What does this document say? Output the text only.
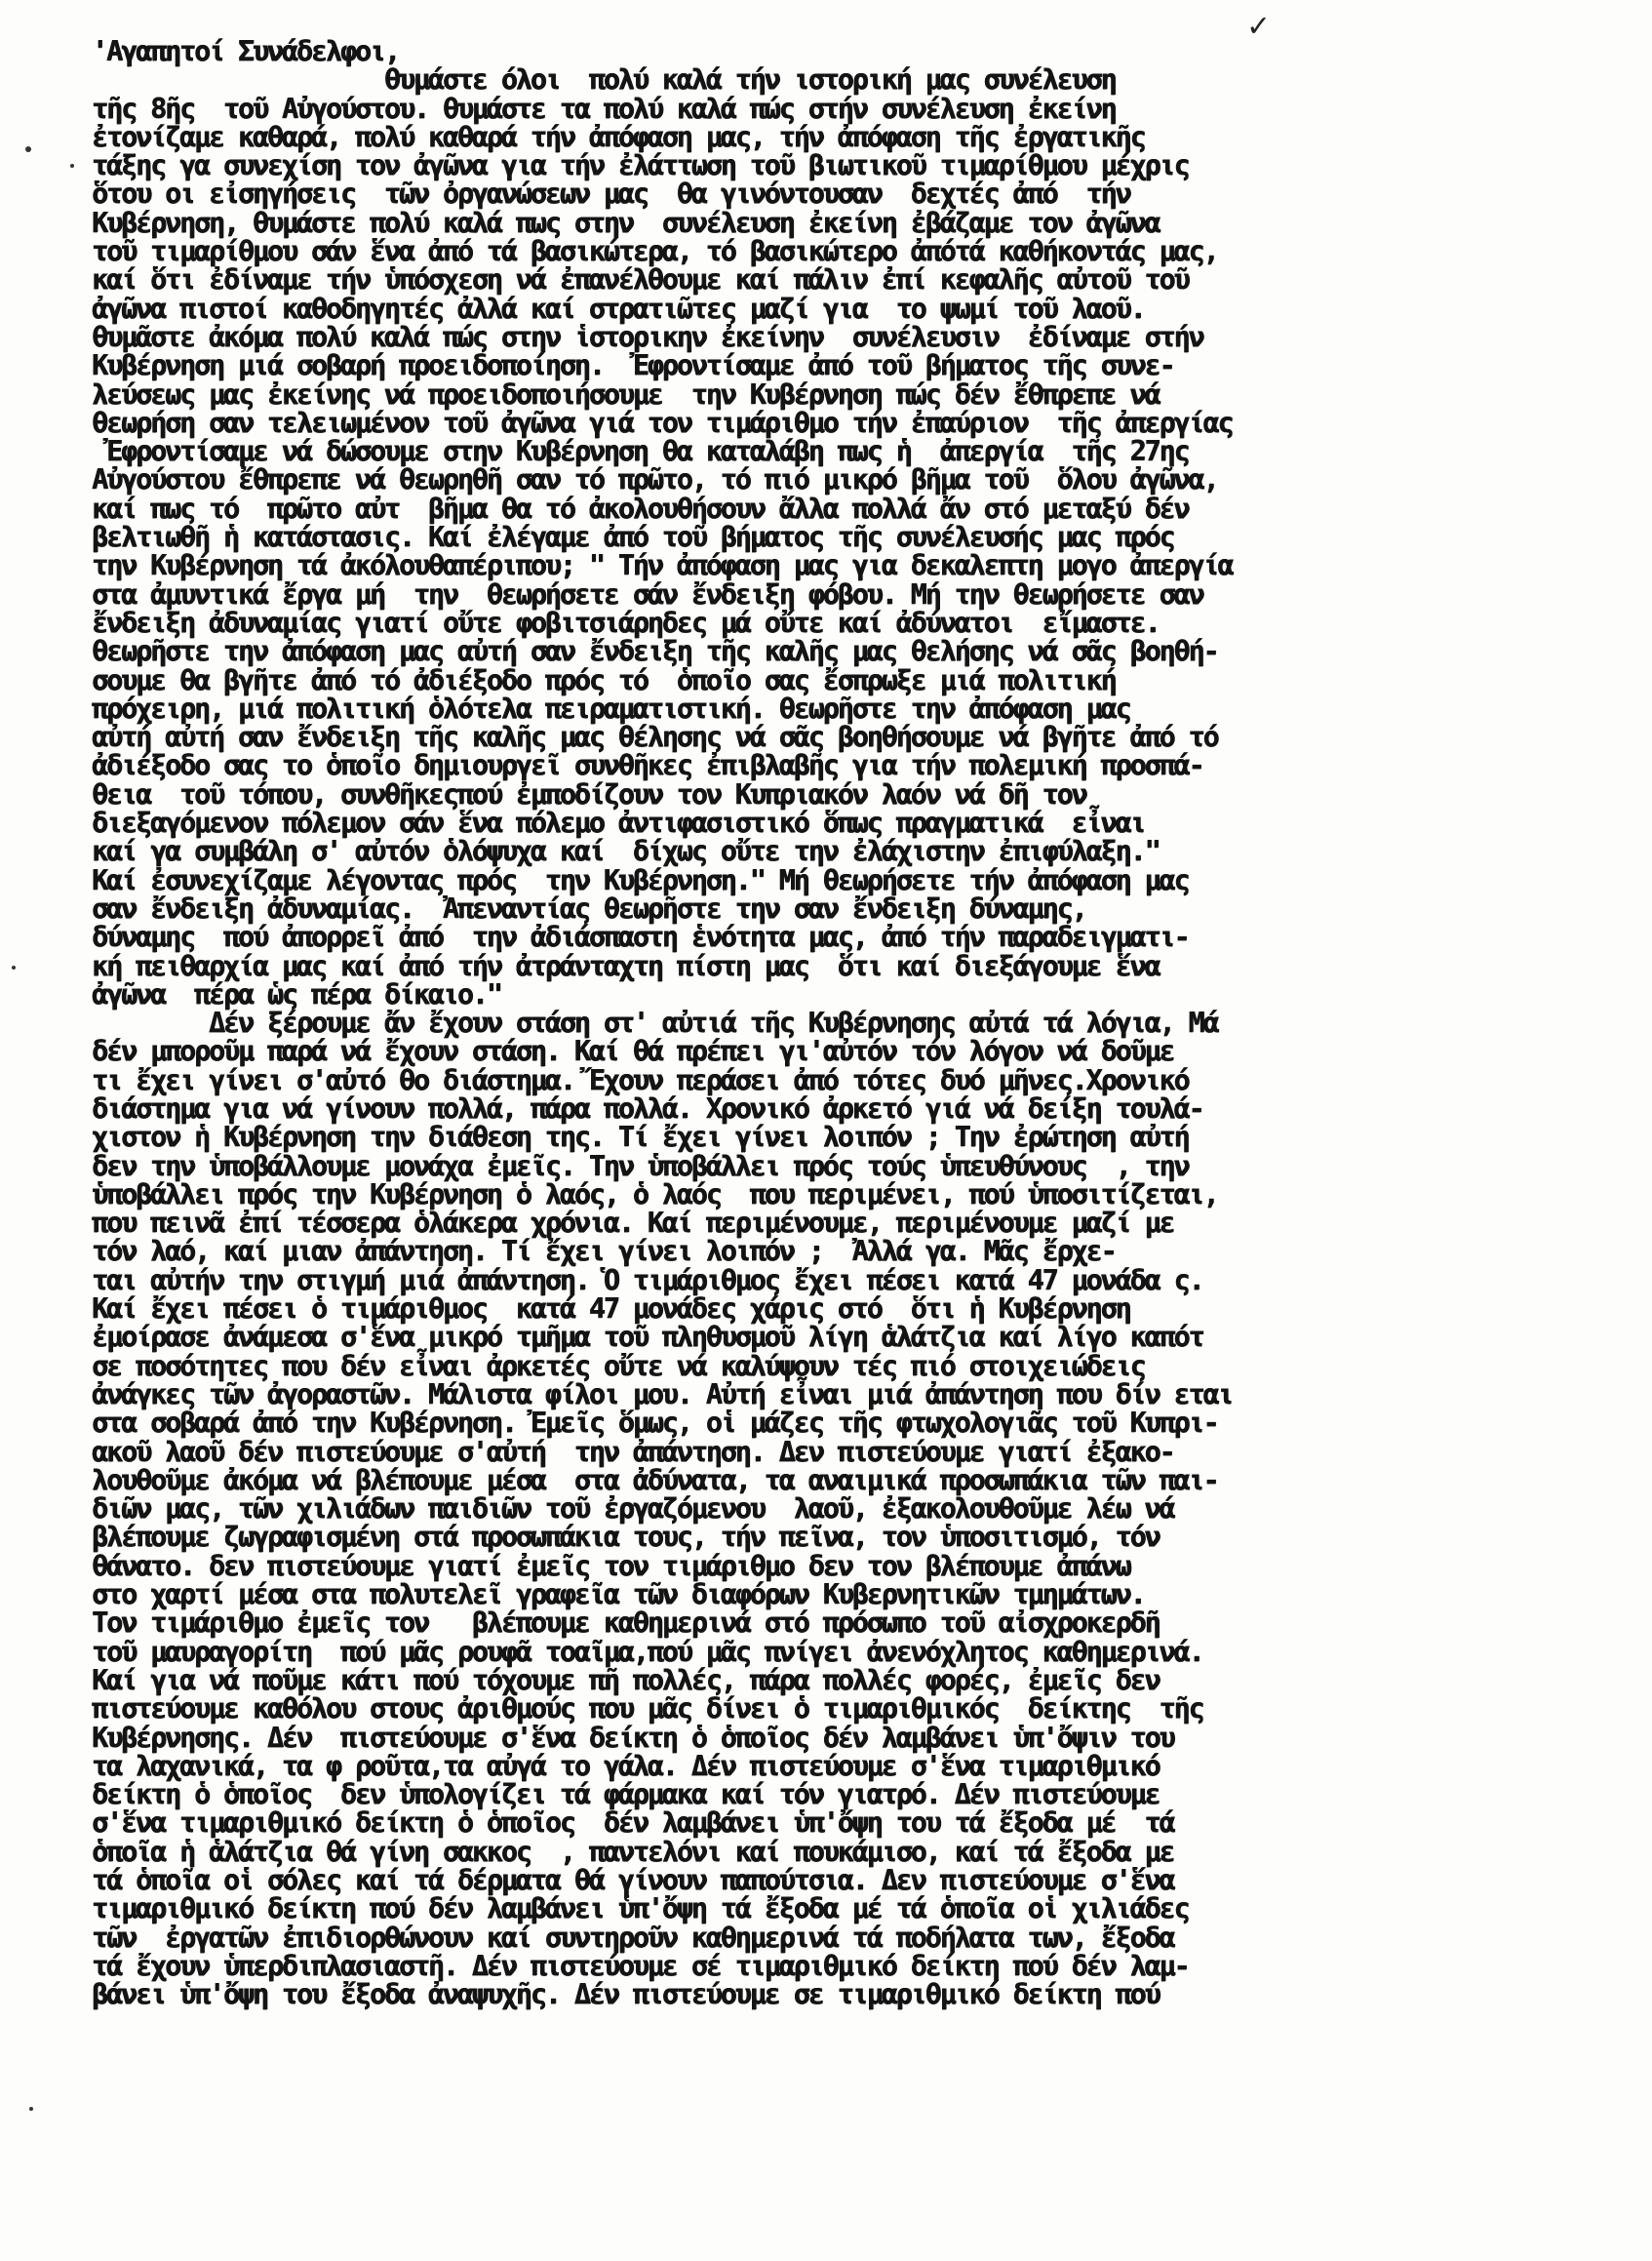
✓
'Αγαπητοί Συνάδελφοι,
θυμάστε όλοι  πολύ καλά τήν ιστορική μας συνέλευση
τῆς 8ῆς  τοῦ Αὐγούστου. θυμάστε τα πολύ καλά πώς στήν συνέλευση ἐκείνη
ἐτονίζαμε καθαρά, πολύ καθαρά τήν ἀπόφαση μας, τήν ἀπόφαση τῆς ἐργατικῆς
τάξης γα συνεχίση τον ἀγῶνα για τήν ἐλάττωση τοῦ βιωτικοῦ τιμαρίθμου μέχρις
ὅτου οι εἰσηγήσεις  τῶν ὀργανώσεων μας  θα γινόντουσαν  δεχτές ἀπό  τήν
Κυβέρνηση, θυμάστε πολύ καλά πως στην  συνέλευση ἐκείνη ἐβάζαμε τον ἀγῶνα
τοῦ τιμαρίθμου σάν ἕνα ἀπό τά βασικώτερα, τό βασικώτερο ἀπότά καθήκοντάς μας,
καί ὅτι ἐδίναμε τήν ὑπόσχεση νά ἐπανέλθουμε καί πάλιν ἐπί κεφαλῆς αὐτοῦ τοῦ
ἀγῶνα πιστοί καθοδηγητές ἀλλά καί στρατιῶτες μαζί για  το ψωμί τοῦ λαοῦ.
θυμᾶστε ἀκόμα πολύ καλά πώς στην ἱστορικην ἐκείνην  συνέλευσιν  ἐδίναμε στήν
Κυβέρνηση μιά σοβαρή προειδοποίηση.  Ἐφροντίσαμε ἀπό τοῦ βήματος τῆς συνε-
λεύσεως μας ἐκείνης νά προειδοποιήσουμε  την Κυβέρνηση πώς δέν ἔθπρεπε νά
θεωρήση σαν τελειωμένον τοῦ ἀγῶνα γιά τον τιμάριθμο τήν ἐπαύριον  τῆς ἀπεργίας
Ἐφροντίσαμε νά δώσουμε στην Κυβέρνηση θα καταλάβη πως ἡ  ἀπεργία  τῆς 27ης
Αὐγούστου ἔθπρεπε νά θεωρηθῆ σαν τό πρῶτο, τό πιό μικρό βῆμα τοῦ  ὅλου ἀγῶνα,
καί πως τό  πρῶτο αὐτ  βῆμα θα τό ἀκολουθήσουν ἄλλα πολλά ἄν στό μεταξύ δέν
βελτιωθῆ ἡ κατάστασις. Καί ἐλέγαμε ἀπό τοῦ βήματος τῆς συνέλευσής μας πρός
την Κυβέρνηση τά ἀκόλουθαπέριπου; " Τήν ἀπόφαση μας για δεκαλεπτη μογο ἀπεργία
στα ἀμυντικά ἔργα μή  την  θεωρήσετε σάν ἔνδειξη φόβου. Μή την θεωρήσετε σαν
ἔνδειξη ἀδυναμίας γιατί οὔτε φοβιτσιάρηδες μά οὔτε καί ἀδύνατοι  εἴμαστε.
θεωρῆστε την ἀπόφαση μας αὐτή σαν ἔνδειξη τῆς καλῆς μας θελήσης νά σᾶς βοηθή-
σουμε θα βγῆτε ἀπό τό ἀδιέξοδο πρός τό  ὁποῖο σας ἔσπρωξε μιά πολιτική
πρόχειρη, μιά πολιτική ὁλότελα πειραματιστική. θεωρῆστε την ἀπόφαση μας
αὐτή αὐτή σαν ἔνδειξη τῆς καλῆς μας θέλησης νά σᾶς βοηθήσουμε νά βγῆτε ἀπό τό
ἀδιέξοδο σας το ὁποῖο δημιουργεῖ συνθῆκες ἐπιβλαβῆς για τήν πολεμική προσπά-
θεια  τοῦ τόπου, συνθῆκεςπού ἐμποδίζουν τον Κυπριακόν λαόν νά δῆ τον
διεξαγόμενον πόλεμον σάν ἕνα πόλεμο ἀντιφασιστικό ὅπως πραγματικά  εἶναι
καί γα συμβάλη σ' αὐτόν ὁλόψυχα καί  δίχως οὔτε την ἐλάχιστην ἐπιφύλαξη."
Καί ἐσυνεχίζαμε λέγοντας πρός  την Κυβέρνηση." Μή θεωρήσετε τήν ἀπόφαση μας
σαν ἔνδειξη ἀδυναμίας.  Ἀπεναντίας θεωρῆστε την σαν ἔνδειξη δύναμης,
δύναμης  πού ἀπορρεῖ ἀπό  την ἀδιάσπαστη ἑνότητα μας, ἀπό τήν παραδειγματι-
κή πειθαρχία μας καί ἀπό τήν ἀτράνταχτη πίστη μας  ὅτι καί διεξάγουμε ἕνα
ἀγῶνα  πέρα ὡς πέρα δίκαιο."
Δέν ξέρουμε ἄν ἔχουν στάση στ' αὐτιά τῆς Κυβέρνησης αὐτά τά λόγια, Μά
δέν μποροῦμ παρά νά ἔχουν στάση. Καί θά πρέπει γι'αὐτόν τόν λόγον νά δοῦμε
τι ἔχει γίνει σ'αὐτό θο διάστημα. Ἔχουν περάσει ἀπό τότες δυό μῆνες.Χρονικό
διάστημα για νά γίνουν πολλά, πάρα πολλά. Χρονικό ἀρκετό γιά νά δείξη τουλά-
χιστον ἡ Κυβέρνηση την διάθεση της. Τί ἔχει γίνει λοιπόν ; Την ἐρώτηση αὐτή
δεν την ὑποβάλλουμε μονάχα ἐμεῖς. Την ὑποβάλλει πρός τούς ὑπευθύνους  , την
ὑποβάλλει πρός την Κυβέρνηση ὁ λαός, ὁ λαός  που περιμένει, πού ὑποσιτίζεται,
που πεινᾶ ἐπί τέσσερα ὁλάκερα χρόνια. Καί περιμένουμε, περιμένουμε μαζί με
τόν λαό, καί μιαν ἀπάντηση. Τί ἔχει γίνει λοιπόν ;  Ἀλλά γα. Μᾶς ἔρχε-
ται αὐτήν την στιγμή μιά ἀπάντηση. Ὁ τιμάριθμος ἔχει πέσει κατά 47 μονάδα ς.
Καί ἔχει πέσει ὁ τιμάριθμος  κατά 47 μονάδες χάρις στό  ὅτι ἡ Κυβέρνηση
ἐμοίρασε ἀνάμεσα σ'ἕνα μικρό τμῆμα τοῦ πληθυσμοῦ λίγη ἁλάτζια καί λίγο καπότ
σε ποσότητες που δέν εἶναι ἀρκετές οὔτε νά καλύψουν τές πιό στοιχειώδεις
ἀνάγκες τῶν ἀγοραστῶν. Μάλιστα φίλοι μου. Αὐτή εἶναι μιά ἀπάντηση που δίν εται
στα σοβαρά ἀπό την Κυβέρνηση. Ἐμεῖς ὅμως, οἱ μάζες τῆς φτωχολογιᾶς τοῦ Κυπρι-
ακοῦ λαοῦ δέν πιστεύουμε σ'αὐτή  την ἀπάντηση. Δεν πιστεύουμε γιατί ἐξακο-
λουθοῦμε ἀκόμα νά βλέπουμε μέσα  στα ἀδύνατα, τα αναιμικά προσωπάκια τῶν παι-
διῶν μας, τῶν χιλιάδων παιδιῶν τοῦ ἐργαζόμενου  λαοῦ, ἐξακολουθοῦμε λέω νά
βλέπουμε ζωγραφισμένη στά προσωπάκια τους, τήν πεῖνα, τον ὑποσιτισμό, τόν
θάνατο. δεν πιστεύουμε γιατί ἐμεῖς τον τιμάριθμο δεν τον βλέπουμε ἀπάνω
στο χαρτί μέσα στα πολυτελεῖ γραφεῖα τῶν διαφόρων Κυβερνητικῶν τμημάτων.
Τον τιμάριθμο ἐμεῖς τον   βλέπουμε καθημερινά στό πρόσωπο τοῦ αἰσχροκερδῆ
τοῦ μαυραγορίτη  πού μᾶς ρουφᾶ τοαῖμα,πού μᾶς πνίγει ἀνενόχλητος καθημερινά.
Καί για νά ποῦμε κάτι πού τόχουμε πῆ πολλές, πάρα πολλές φορές, ἐμεῖς δεν
πιστεύουμε καθόλου στους ἀριθμούς που μᾶς δίνει ὁ τιμαριθμικός  δείκτης  τῆς
Κυβέρνησης. Δέν  πιστεύουμε σ'ἕνα δείκτη ὁ ὁποῖος δέν λαμβάνει ὑπ'ὄψιν του
τα λαχανικά, τα φ ροῦτα,τα αὐγά το γάλα. Δέν πιστεύουμε σ'ἕνα τιμαριθμικό
δείκτη ὁ ὁποῖος  δεν ὑπολογίζει τά φάρμακα καί τόν γιατρό. Δέν πιστεύουμε
σ'ἕνα τιμαριθμικό δείκτη ὁ ὁποῖος  δέν λαμβάνει ὑπ'ὄψη του τά ἔξοδα μέ  τά
ὁποῖα ἡ ἁλάτζια θά γίνη σακκος  , παντελόνι καί πουκάμισο, καί τά ἔξοδα με
τά ὁποῖα οἱ σόλες καί τά δέρματα θά γίνουν παπούτσια. Δεν πιστεύουμε σ'ἕνα
τιμαριθμικό δείκτη πού δέν λαμβάνει ὑπ'ὄψη τά ἔξοδα μέ τά ὁποῖα οἱ χιλιάδες
τῶν  ἐργατῶν ἐπιδιορθώνουν καί συντηροῦν καθημερινά τά ποδήλατα των, ἔξοδα
τά ἔχουν ὑπερδιπλασιαστῆ. Δέν πιστεύουμε σέ τιμαριθμικό δείκτη πού δέν λαμ-
βάνει ὑπ'ὄψη του ἔξοδα ἀναψυχῆς. Δέν πιστεύουμε σε τιμαριθμικό δείκτη πού
